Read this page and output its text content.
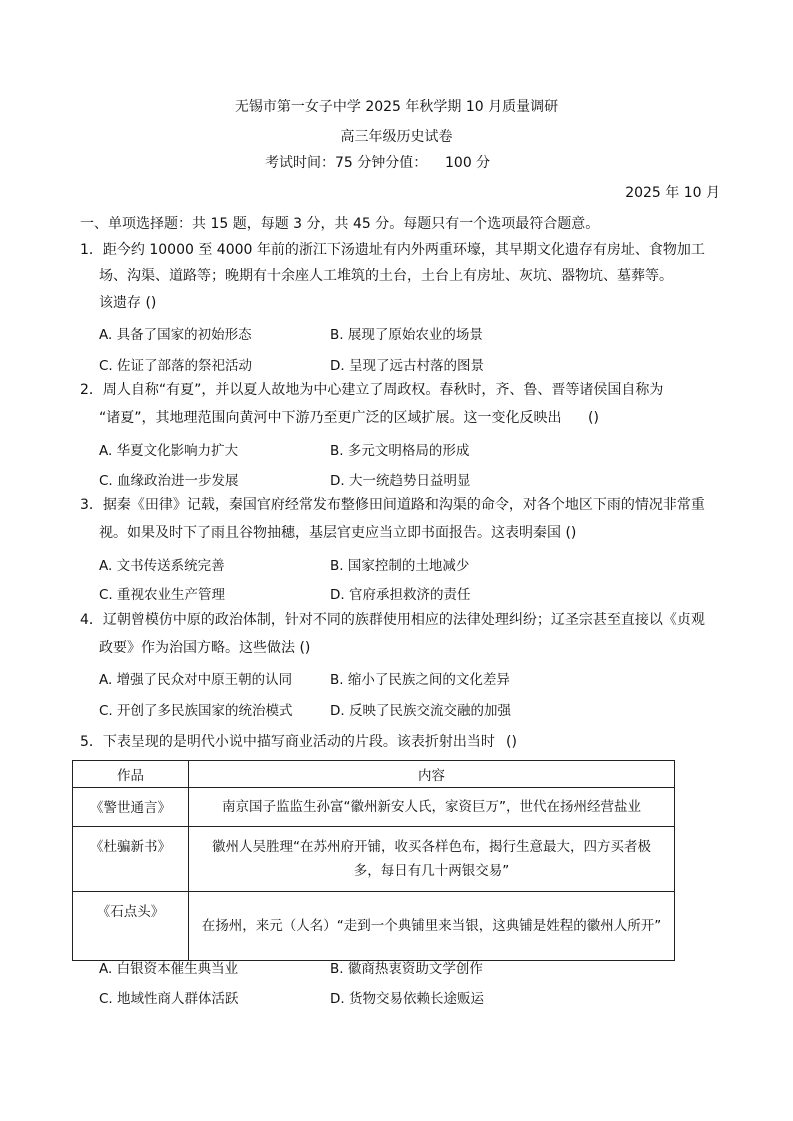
无锡市第一女子中学 2025 年秋学期 10 月质量调研
高三年级历史试卷
考试时间：75 分钟分值： 100 分
2025 年 10 月
一、单项选择题：共 15 题，每题 3 分，共 45 分。每题只有一个选项最符合题意。
1．距今约 10000 至 4000 年前的浙江下汤遗址有内外两重环壕，其早期文化遗存有房址、食物加工
场、沟渠、道路等；晚期有十余座人工堆筑的土台，土台上有房址、灰坑、器物坑、墓葬等。
该遗存 ()
A. 具备了国家的初始形态	B. 展现了原始农业的场景
C. 佐证了部落的祭祀活动	D. 呈现了远古村落的图景
2．周人自称“有夏”，并以夏人故地为中心建立了周政权。春秋时，齐、鲁、晋等诸侯国自称为
“诸夏”，其地理范围向黄河中下游乃至更广泛的区域扩展。这一变化反映出 ()
A. 华夏文化影响力扩大	B. 多元文明格局的形成
C. 血缘政治进一步发展	D. 大一统趋势日益明显
3．据秦《田律》记载，秦国官府经常发布整修田间道路和沟渠的命令，对各个地区下雨的情况非常重
视。如果及时下了雨且谷物抽穗，基层官吏应当立即书面报告。这表明秦国 ()
A. 文书传送系统完善	B. 国家控制的土地减少
C. 重视农业生产管理	D. 官府承担救济的责任
4．辽朝曾模仿中原的政治体制，针对不同的族群使用相应的法律处理纠纷；辽圣宗甚至直接以《贞观
政要》作为治国方略。这些做法 ()
A. 增强了民众对中原王朝的认同	B. 缩小了民族之间的文化差异
C. 开创了多民族国家的统治模式	D. 反映了民族交流交融的加强
5．下表呈现的是明代小说中描写商业活动的片段。该表折射出当时 ()
作品	内容
《警世通言》	南京国子监监生孙富“徽州新安人氏，家资巨万”，世代在扬州经营盐业
《杜骗新书》	徽州人吴胜理“在苏州府开铺，收买各样色布，揭行生意最大，四方买者极多，每日有几十两银交易”
《石点头》	在扬州，来元（人名）“走到一个典铺里来当银，这典铺是姓程的徽州人所开”
A. 白银资本催生典当业	B. 徽商热衷资助文学创作
C. 地域性商人群体活跃	D. 货物交易依赖长途贩运
